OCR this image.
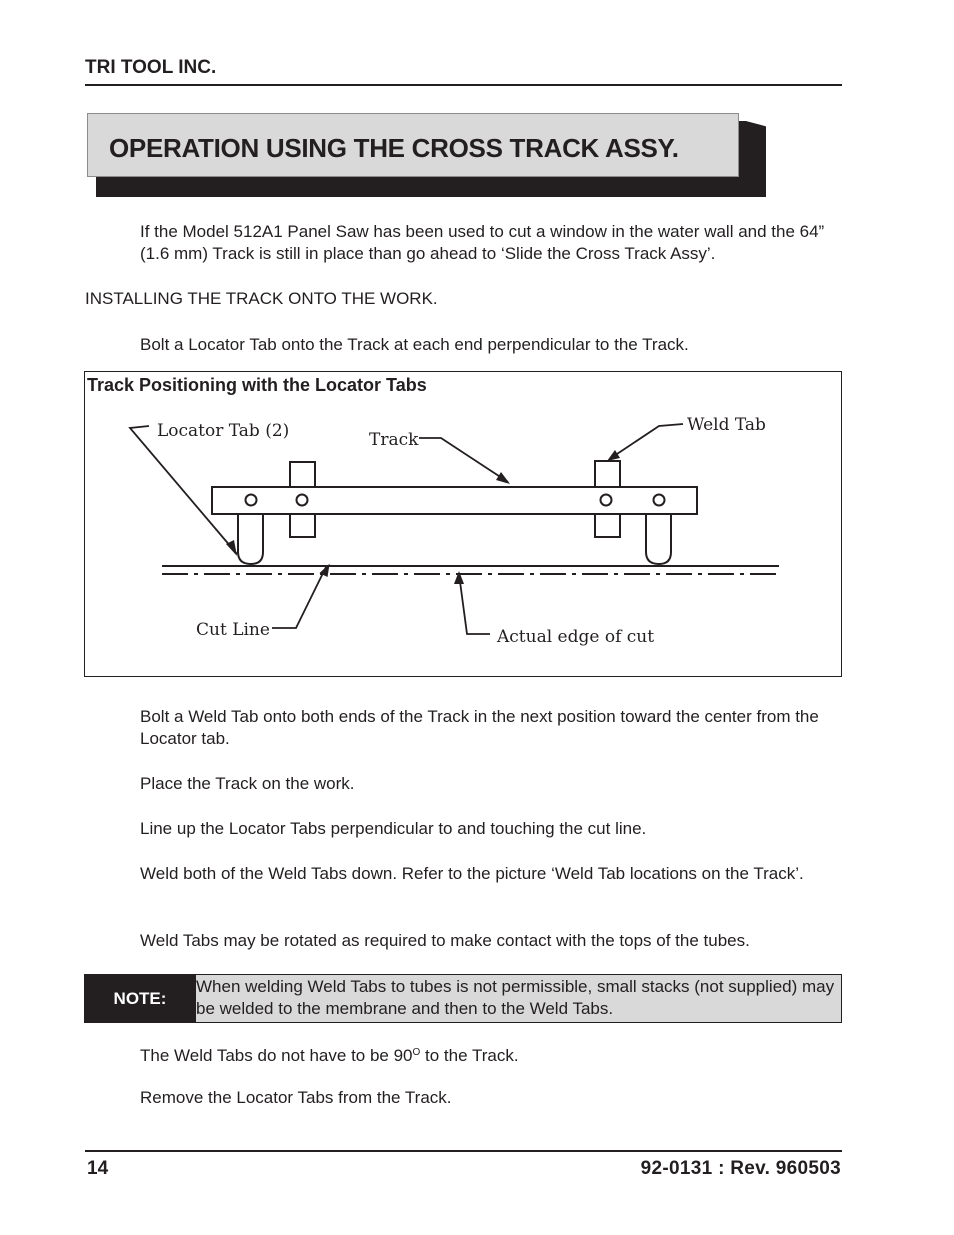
TRI TOOL INC.
OPERATION USING THE CROSS TRACK ASSY.
If the Model 512A1 Panel Saw has been used to cut a window in the water wall and the 64” (1.6 mm) Track is still in place than go ahead to ‘Slide the Cross Track Assy’.
INSTALLING THE TRACK ONTO THE WORK.
Bolt a Locator Tab onto the Track at each end perpendicular to the Track.
Track Positioning with the Locator Tabs
Locator Tab (2)	Track
Weld Tab
Cut Line	Actual edge of cut
Bolt a Weld Tab onto both ends of the Track in the next position toward the center from the Locator tab.
Place the Track on the work.
Line up the Locator Tabs perpendicular to and touching the cut line.
Weld both of the Weld Tabs down. Refer to the picture ‘Weld Tab locations on the Track’.
Weld Tabs may be rotated as required to make contact with the tops of the tubes.
NOTE:
When welding Weld Tabs to tubes is not permissible, small stacks (not supplied) may be welded to the membrane and then to the Weld Tabs.
The Weld Tabs do not have to be $90^O$ to the Track.
Remove the Locator Tabs from the Track.
14	92-0131 : Rev. 960503
